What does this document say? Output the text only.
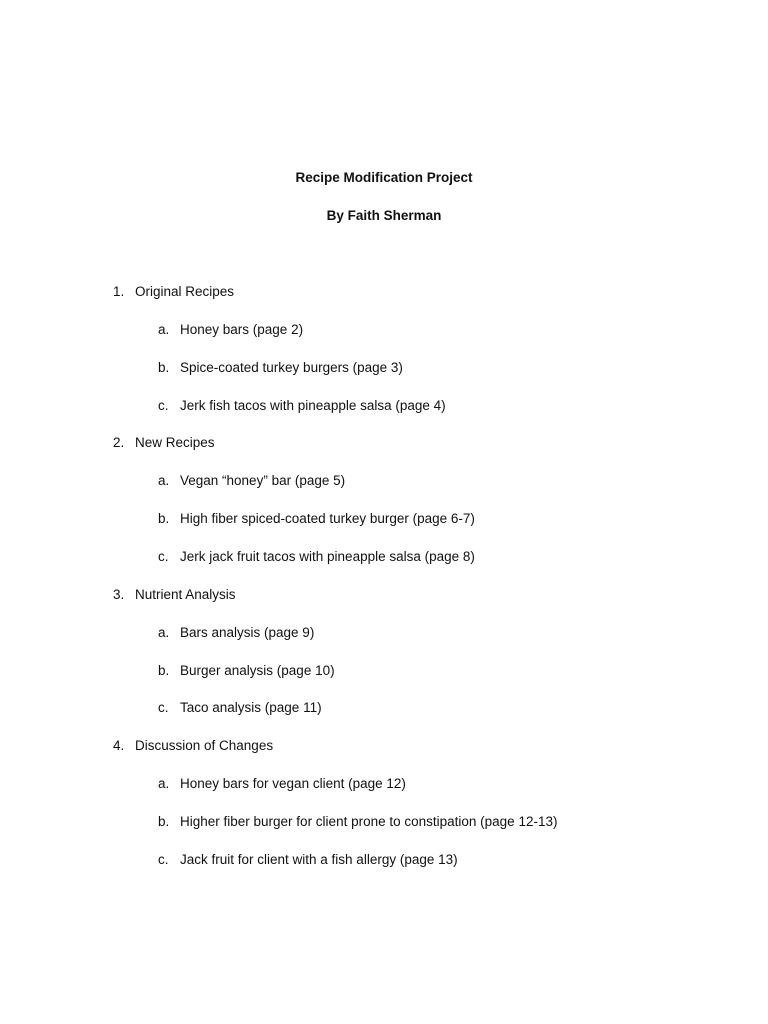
Recipe Modification Project
By Faith Sherman
1. Original Recipes
a. Honey bars (page 2)
b. Spice-coated turkey burgers (page 3)
c. Jerk fish tacos with pineapple salsa (page 4)
2. New Recipes
a. Vegan “honey” bar (page 5)
b. High fiber spiced-coated turkey burger (page 6-7)
c. Jerk jack fruit tacos with pineapple salsa (page 8)
3. Nutrient Analysis
a. Bars analysis (page 9)
b. Burger analysis (page 10)
c. Taco analysis (page 11)
4. Discussion of Changes
a. Honey bars for vegan client (page 12)
b. Higher fiber burger for client prone to constipation (page 12-13)
c. Jack fruit for client with a fish allergy (page 13)
